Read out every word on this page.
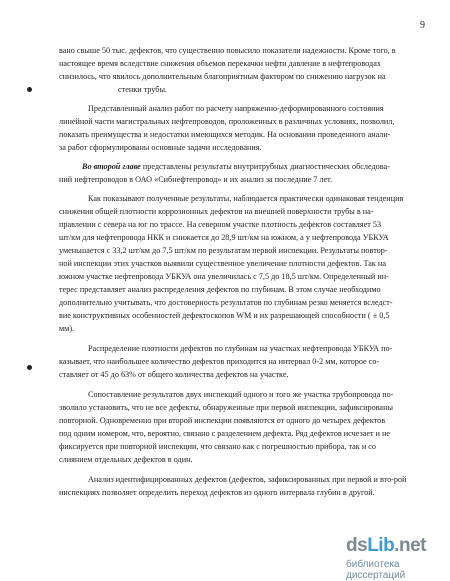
9
вано свыше 50 тыс. дефектов, что существенно повысило показатели надежности. Кроме того, в
настоящее время вследствие снижения объемов перекачки нефти давление в нефтепроводах
снизилось, что явилось дополнительным благоприятным фактором по снижению нагрузок на
стенки трубы.
Представленный анализ работ по расчету напряженно-деформированного состояния
линейной части магистральных нефтепроводов, проложенных в различных условиях, позволил,
показать преимущества и недостатки имеющихся методик. На основании проведенного анали-
за работ сформулированы основные задачи исследования.
Во второй главе представлены результаты внутритрубных диагностических обследова-
ний нефтепроводов в ОАО «Сибнефтепровод» и их анализ за последние 7 лет.
Как показывают полученные результаты, наблюдается практически одинаковая тенденция
снижения общей плотности коррозионных дефектов на внешней поверхности трубы в на-
правлении с севера на юг по трассе. На северном участке плотность дефектов составляет 53
шт/км для нефтепровода НКК и снижается до 28,9 шт/км на южном, а у нефтепровода УБКУА
уменьшается с 33,2 шт/км до 7,5 шт/км по результатам первой инспекции. Результаты повтор-
ной инспекции этих участков выявили существенное увеличение плотности дефектов. Так на
южном участке нефтепровода УБКУА она увеличилась с 7,5 до 18,5 шт/км. Определенный ин-
терес представляет анализ распределения дефектов по глубинам. В этом случае необходимо
дополнительно учитывать, что достоверность результатов по глубинам резко меняется вследст-
вие конструктивных особенностей дефектоскопов WM и их разрешающей способности ( ± 0,5
мм).
Распределение плотности дефектов по глубинам на участках нефтепровода УБКУА по-
казывает, что наибольшее количество дефектов приходится на интервал 0-2 мм, которое со-
ставляет от 45 до 63% от общего количества дефектов на участке.
Сопоставление результатов двух инспекций одного и того же участка трубопровода по-
зволило установить, что не все дефекты, обнаруженные при первой инспекции, зафиксированы
повторной. Одновременно при второй инспекции появляются от одного до четырех дефектов
под одним номером, что, вероятно, связано с разделением дефекта. Ряд дефектов исчезает и не
фиксируется при повторной инспекции, что связано как с погрешностью прибора, так и со
слиянием отдельных дефектов в один.
Анализ идентифицированных дефектов (дефектов, зафиксированных при первой и вто-рой
инспекциях позволяет определить переход дефектов из одного интервала глубин в другой.
dsLib.net
библиотека диссертаций
